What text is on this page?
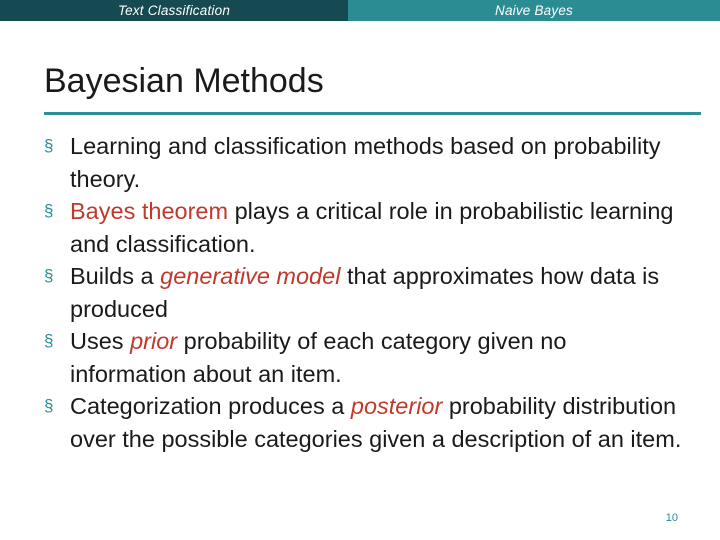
Text Classification	Naive Bayes
Bayesian Methods
§ Learning and classification methods based on probability theory.
§ Bayes theorem plays a critical role in probabilistic learning and classification.
§ Builds a generative model that approximates how data is produced
§ Uses prior probability of each category given no information about an item.
§ Categorization produces a posterior probability distribution over the possible categories given a description of an item.
10
